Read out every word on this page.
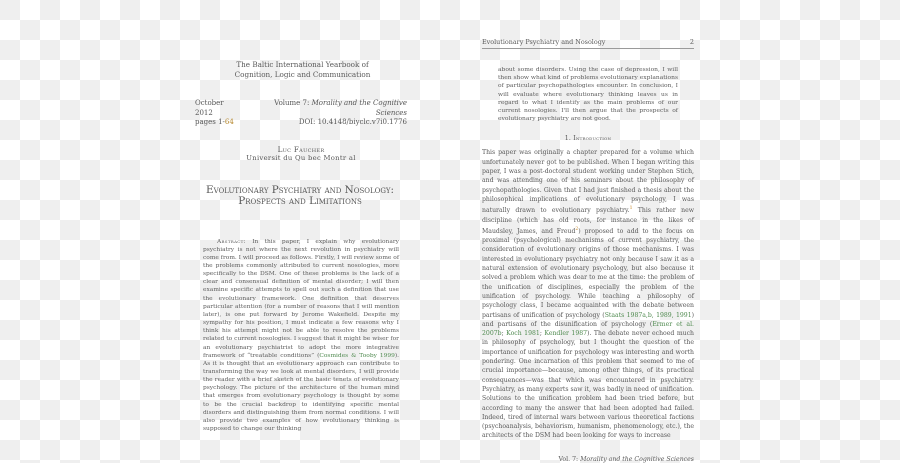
The Baltic International Yearbook of
Cognition, Logic and Communication
October 2012
pages 1-64
Volume 7: Morality and the Cognitive Sciences
DOI: 10.4148/biyclc.v7i0.1776
Luc Faucher
Universit du Qu bec Montr al
Evolutionary Psychiatry and Nosology:
Prospects and Limitations

Abstract: In this paper, I explain why evolutionary psychiatry is not where the next revolution in psychiatry will come from. I will proceed as follows. Firstly, I will review some of the problems commonly attributed to current nosologies, more specifically to the DSM. One of these problems is the lack of a clear and consensual definition of mental disorder; I will then examine specific attempts to spell out such a definition that use the evolutionary framework. One definition that deserves particular attention (for a number of reasons that I will mention later), is one put forward by Jerome Wakefield. Despite my sympathy for his position, I must indicate a few reasons why I think his attempt might not be able to resolve the problems related to current nosologies. I suggest that it might be wiser for an evolutionary psychiatrist to adopt the more integrative framework of “treatable conditions” (Cosmides & Tooby 1999). As it is thought that an evolutionary approach can contribute to transforming the way we look at mental disorders, I will provide the reader with a brief sketch of the basic tenets of evolutionary psychology. The picture of the architecture of the human mind that emerges from evolutionary psychology is thought by some to be the crucial backdrop to identifying specific mental disorders and distinguishing them from normal conditions. I will also provide two examples of how evolutionary thinking is supposed to change our thinking

Evolutionary Psychiatry and Nosology	2

about some disorders. Using the case of depression, I will then show what kind of problems evolutionary explanations of particular psychopathologies encounter. In conclusion, I will evaluate where evolutionary thinking leaves us in regard to what I identify as the main problems of our current nosologies. I'll then argue that the prospects of evolutionary psychiatry are not good.

1. Introduction

This paper was originally a chapter prepared for a volume which unfortunately never got to be published. When I began writing this paper, I was a post-doctoral student working under Stephen Stich, and was attending one of his seminars about the philosophy of psychopathologies. Given that I had just finished a thesis about the philosophical implications of evolutionary psychology, I was naturally drawn to evolutionary psychiatry.$^1$ This rather new discipline (which has old roots, for instance in the likes of Maudsley, James, and Freud$^2$) proposed to add to the focus on proximal (psychological) mechanisms of current psychiatry, the consideration of evolutionary origins of those mechanisms. I was interested in evolutionary psychiatry not only because I saw it as a natural extension of evolutionary psychology, but also because it solved a problem which was dear to me at the time: the problem of the unification of disciplines, especially the problem of the unification of psychology. While teaching a philosophy of psychology class, I became acquainted with the debate between partisans of unification of psychology (Staats 1987a,b, 1989, 1991) and partisans of the disunification of psychology (Ermer et al. 2007b; Koch 1981; Kendler 1987). The debate never echoed much in philosophy of psychology, but I thought the question of the importance of unification for psychology was interesting and worth pondering. One incarnation of this problem that seemed to me of crucial importance—because, among other things, of its practical consequences—was that which was encountered in psychiatry. Psychiatry, as many experts saw it, was badly in need of unification. Solutions to the unification problem had been tried before, but according to many the answer that had been adopted had failed. Indeed, tired of internal wars between various theoretical factions (psychoanalysis, behaviorism, humanism, phenomenology, etc.), the architects of the DSM had been looking for ways to increase

Vol. 7: Morality and the Cognitive Sciences
